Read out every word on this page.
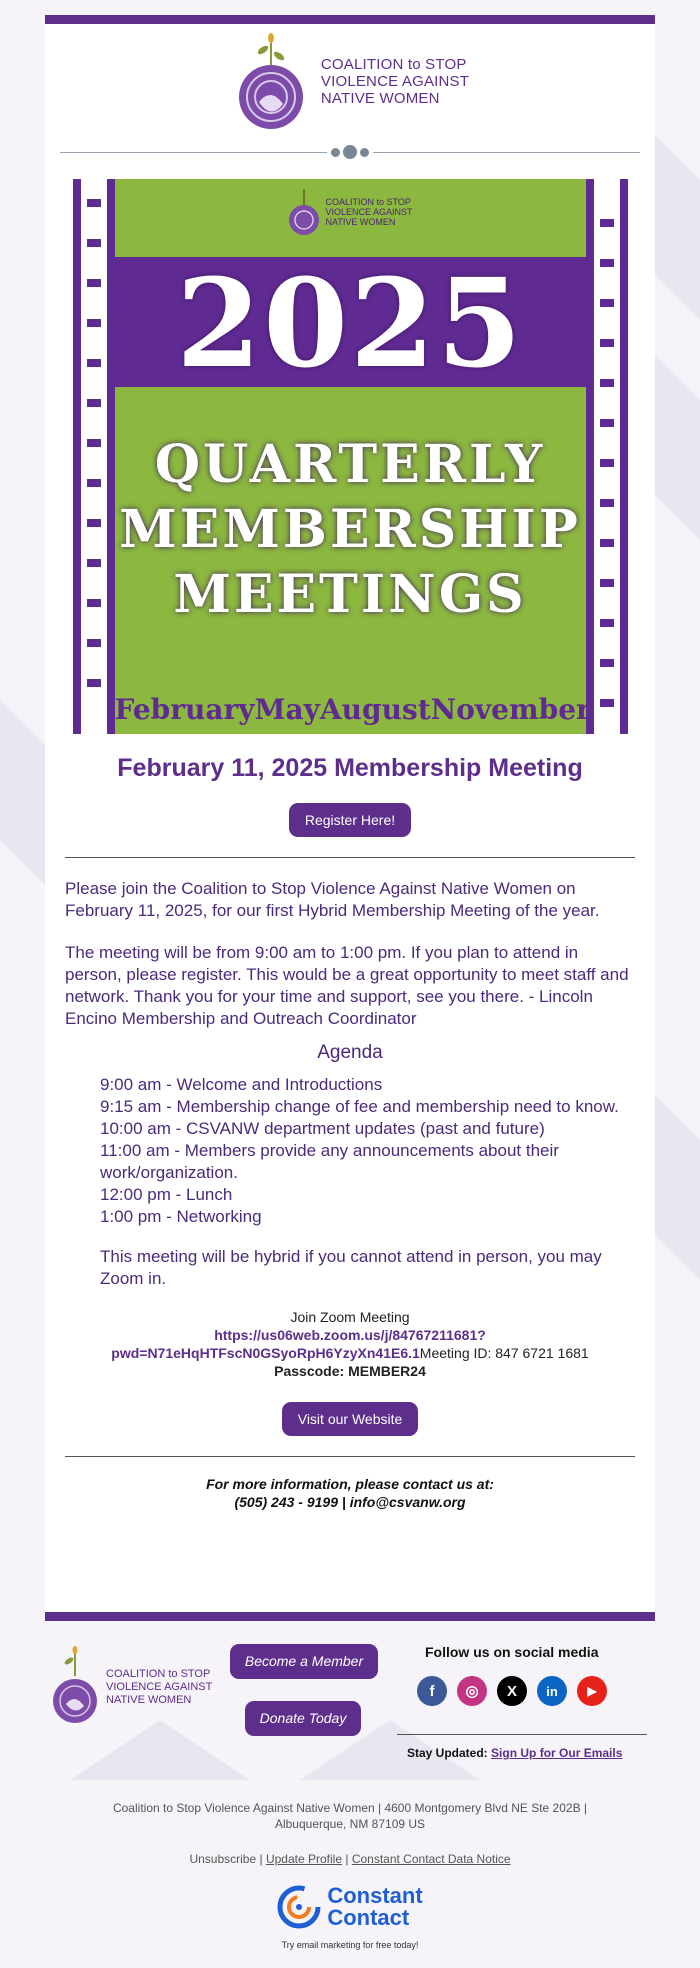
COALITION to STOP
VIOLENCE AGAINST
NATIVE WOMEN
COALITION to STOP
VIOLENCE AGAINST
NATIVE WOMEN
2025
QUARTERLY
MEMBERSHIP
MEETINGS
February May August November
February 11, 2025 Membership Meeting
Register Here!

Please join the Coalition to Stop Violence Against Native Women on February 11, 2025, for our first Hybrid Membership Meeting of the year.

The meeting will be from 9:00 am to 1:00 pm. If you plan to attend in person, please register. This would be a great opportunity to meet staff and network. Thank you for your time and support, see you there. - Lincoln Encino Membership and Outreach Coordinator

Agenda
9:00 am - Welcome and Introductions
9:15 am - Membership change of fee and membership need to know.
10:00 am - CSVANW department updates (past and future)
11:00 am - Members provide any announcements about their work/organization.
12:00 pm - Lunch
1:00 pm - Networking
This meeting will be hybrid if you cannot attend in person, you may Zoom in.
Join Zoom Meeting
https://us06web.zoom.us/j/84767211681?
pwd=N71eHqHTFscN0GSyoRpH6YzyXn41E6.1Meeting ID: 847 6721 1681
Passcode: MEMBER24
Visit our Website
For more information, please contact us at:
(505) 243 - 9199 | info@csvanw.org
COALITION to STOP
VIOLENCE AGAINST
NATIVE WOMEN
Become a Member
Donate Today
Follow us on social media
f	◎	X	in	▶
Stay Updated: Sign Up for Our Emails
Coalition to Stop Violence Against Native Women | 4600 Montgomery Blvd NE Ste 202B |
Albuquerque, NM 87109 US
Unsubscribe | Update Profile | Constant Contact Data Notice
Constant
Contact
Try email marketing for free today!
